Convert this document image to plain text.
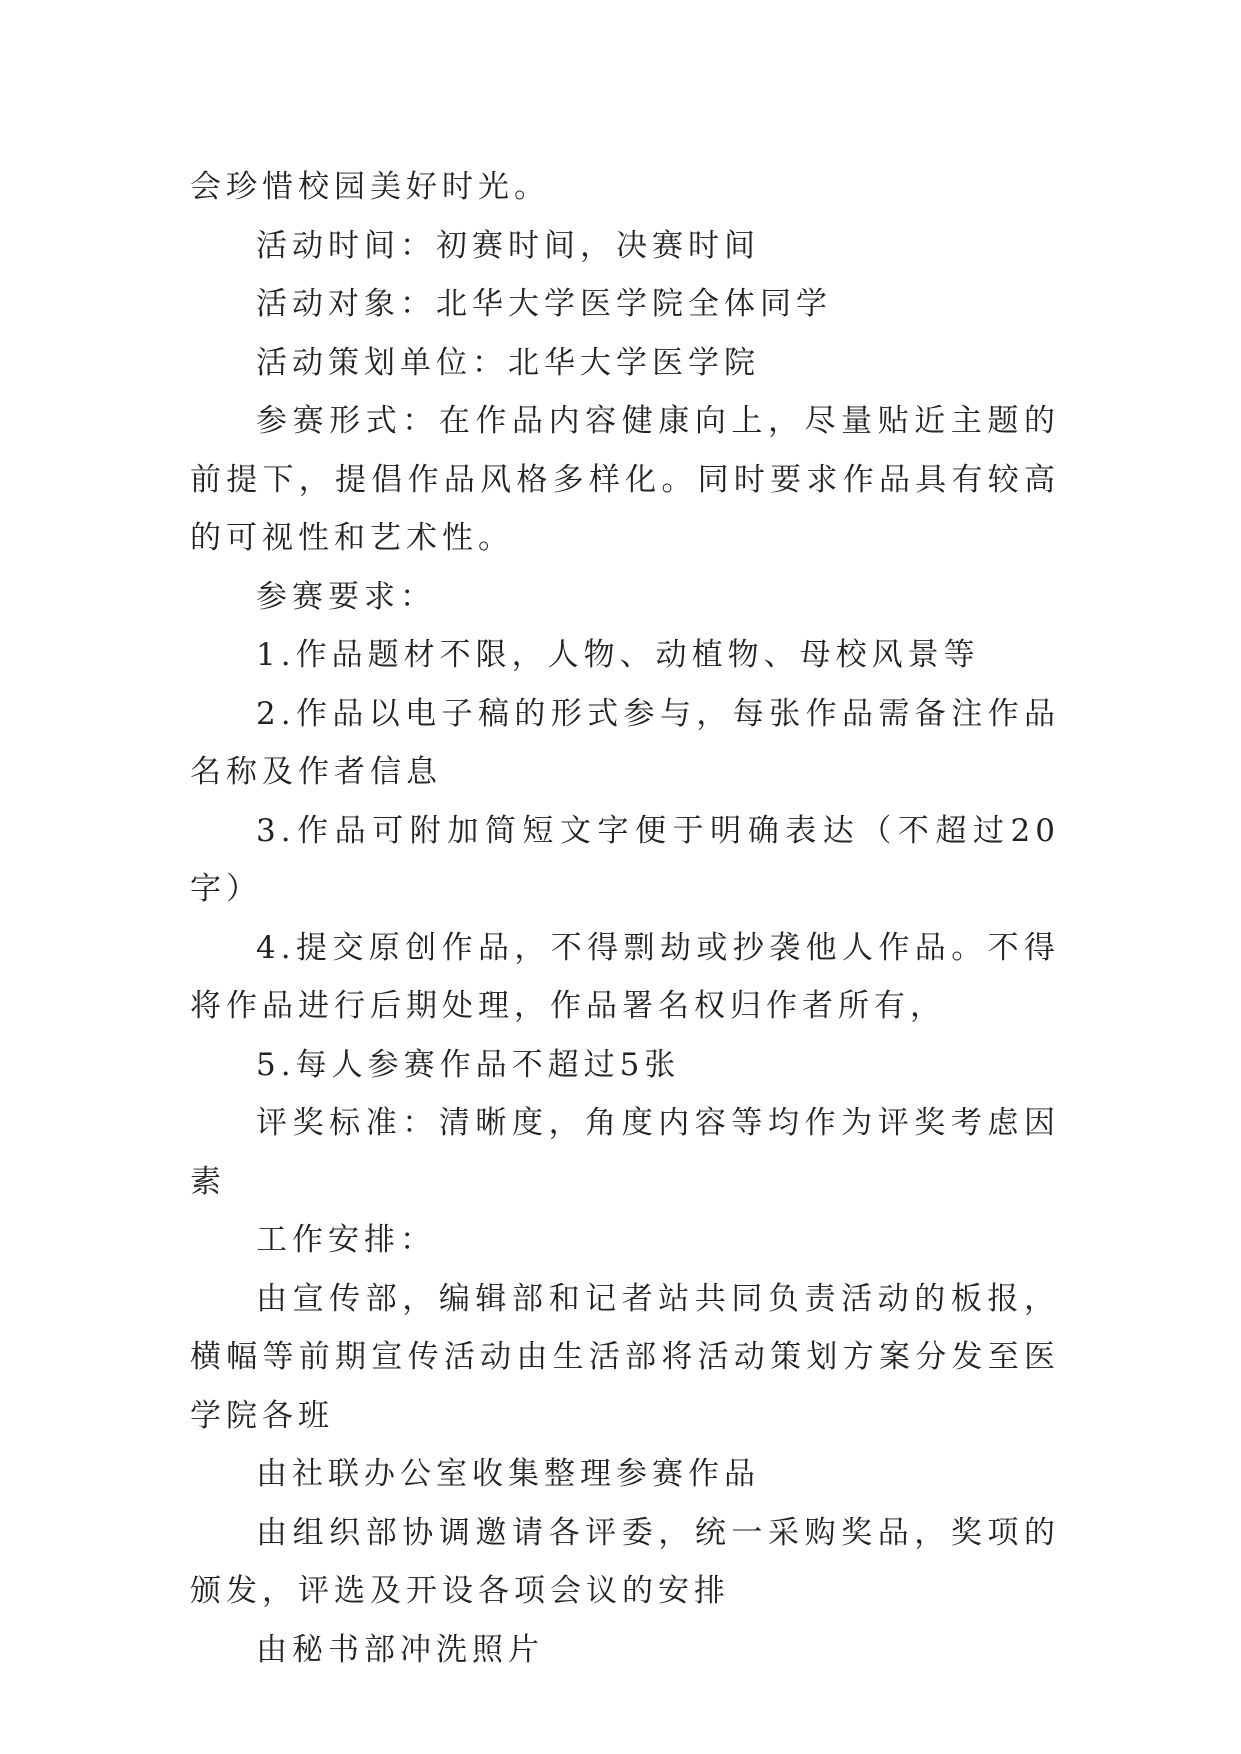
会珍惜校园美好时光。

活动时间：初赛时间，决赛时间

活动对象：北华大学医学院全体同学

活动策划单位：北华大学医学院

参赛形式：在作品内容健康向上，尽量贴近主题的前提下，提倡作品风格多样化。同时要求作品具有较高的可视性和艺术性。

参赛要求：

1.作品题材不限，人物、动植物、母校风景等

2.作品以电子稿的形式参与，每张作品需备注作品名称及作者信息

3.作品可附加简短文字便于明确表达（不超过20字）

4.提交原创作品，不得剽劫或抄袭他人作品。不得将作品进行后期处理，作品署名权归作者所有，

5.每人参赛作品不超过5张

评奖标准：清晰度，角度内容等均作为评奖考虑因素

工作安排：

由宣传部，编辑部和记者站共同负责活动的板报，横幅等前期宣传活动由生活部将活动策划方案分发至医学院各班

由社联办公室收集整理参赛作品

由组织部协调邀请各评委，统一采购奖品，奖项的颁发，评选及开设各项会议的安排

由秘书部冲洗照片
